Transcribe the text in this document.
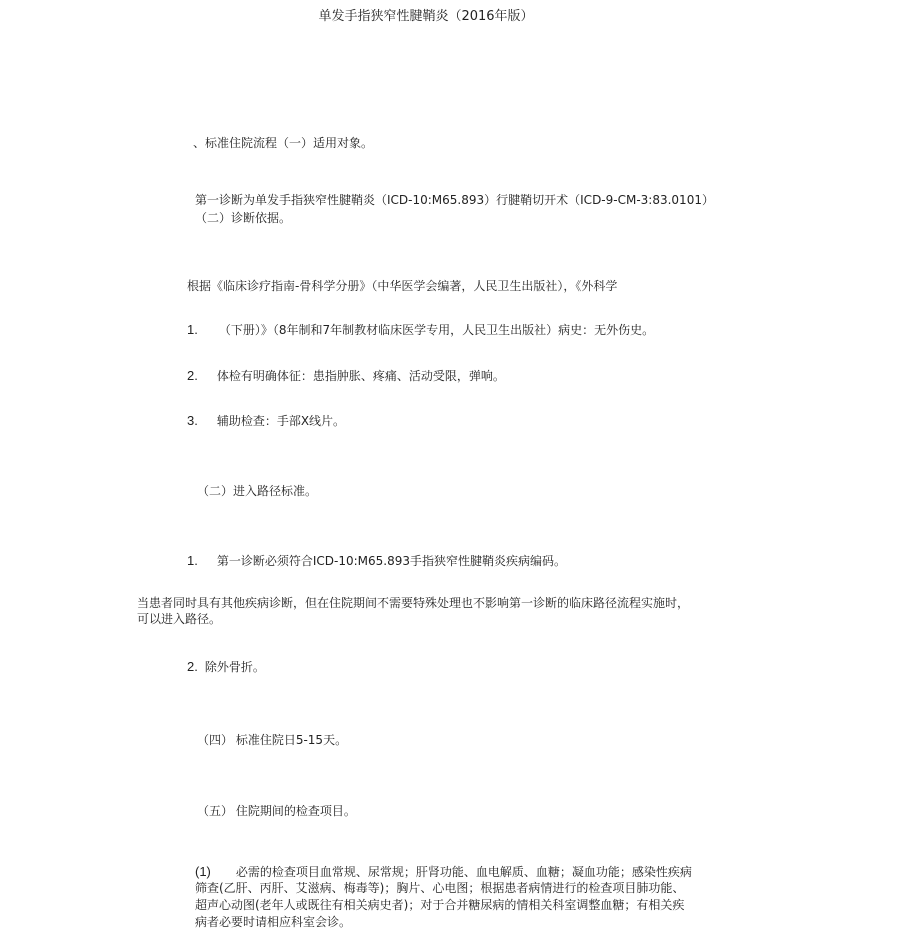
单发手指狭窄性腱鞘炎（2016年版）
、标准住院流程（一）适用对象。
第一诊断为单发手指狭窄性腱鞘炎（ICD-10:M65.893）行腱鞘切开术（ICD-9-CM-3:83.0101）
（二）诊断依据。
根据《临床诊疗指南-骨科学分册》（中华医学会编著，人民卫生出版社），《外科学
1. （下册）》（8年制和7年制教材临床医学专用，人民卫生出版社）病史：无外伤史。
2. 体检有明确体征：患指肿胀、疼痛、活动受限，弹响。
3. 辅助检查：手部X线片。
（二）进入路径标准。
1. 第一诊断必须符合ICD-10:M65.893手指狭窄性腱鞘炎疾病编码。
当患者同时具有其他疾病诊断，但在住院期间不需要特殊处理也不影响第一诊断的临床路径流程实施时，
可以进入路径。
2. 除外骨折。
（四） 标准住院日5-15天。
（五） 住院期间的检查项目。
(1) 必需的检查项目血常规、尿常规；肝肾功能、血电解质、血糖；凝血功能；感染性疾病
筛查(乙肝、丙肝、艾滋病、梅毒等)；胸片、心电图；根据患者病情进行的检查项目肺功能、
超声心动图(老年人或既往有相关病史者)；对于合并糖尿病的情相关科室调整血糖；有相关疾
病者必要时请相应科室会诊。
